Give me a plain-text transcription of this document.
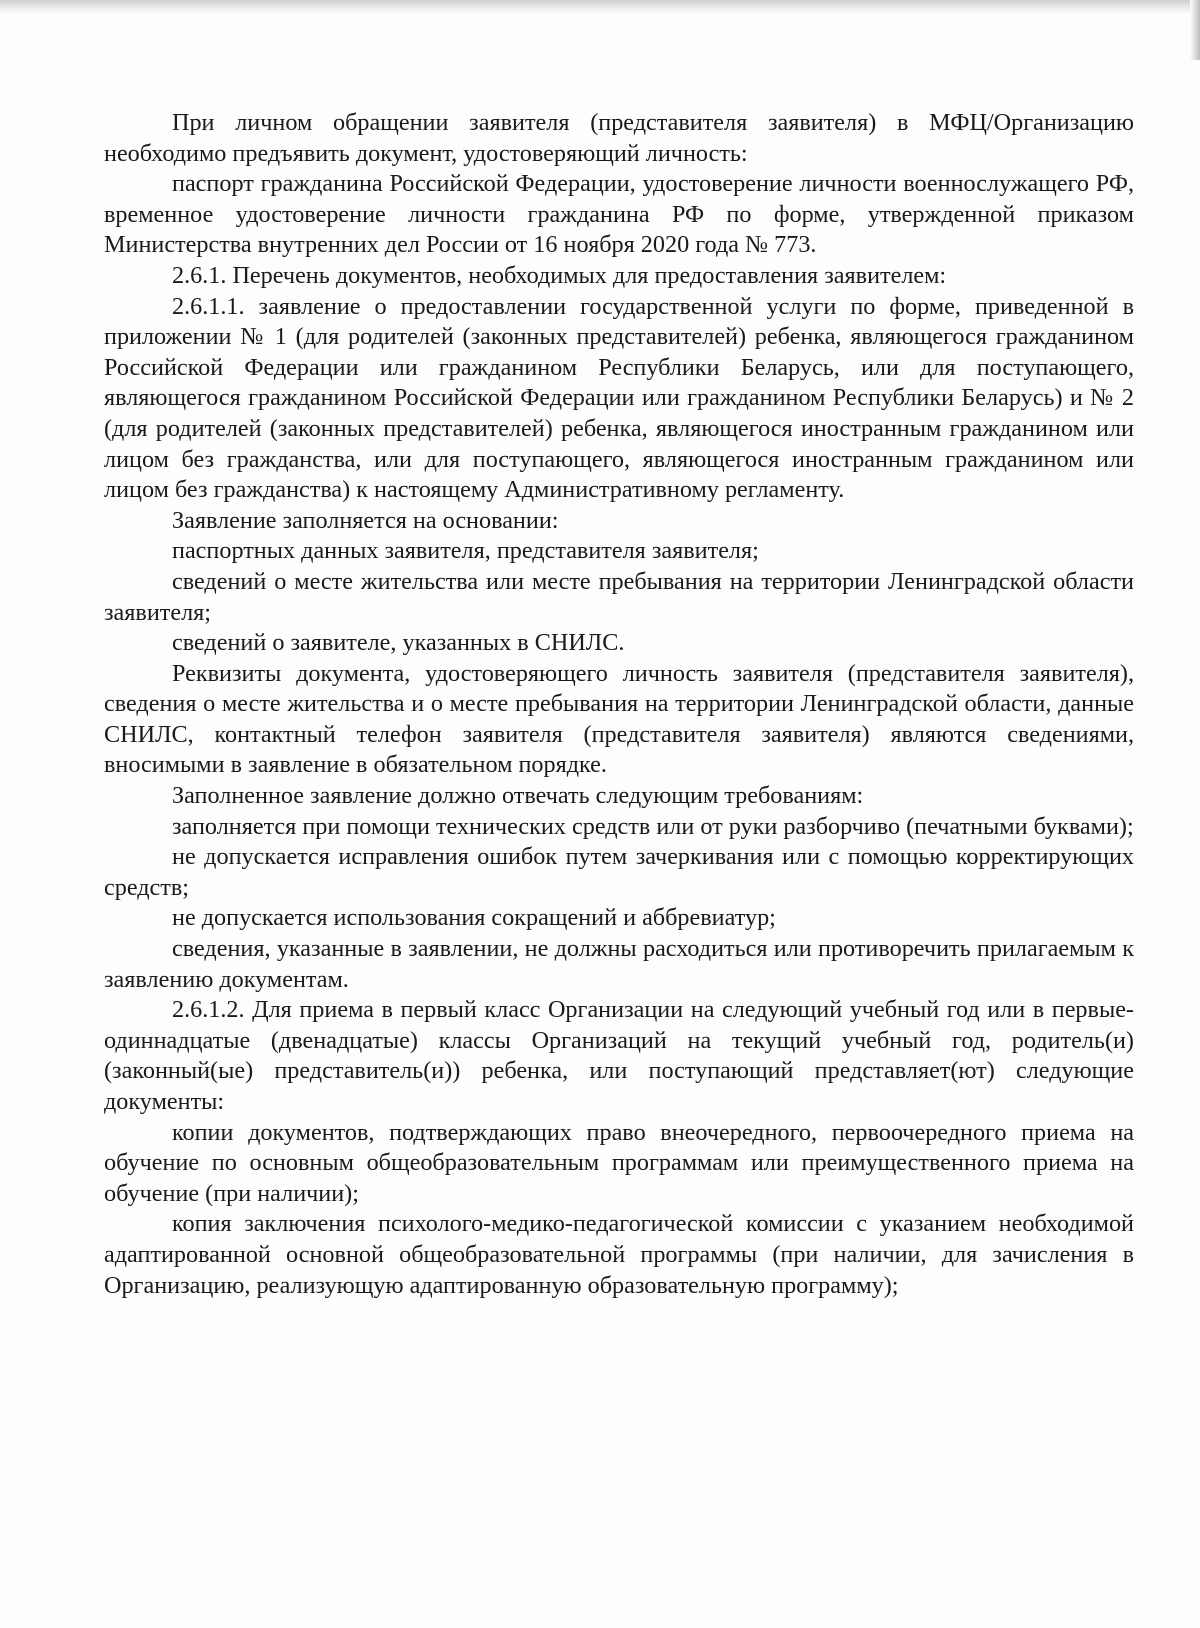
При личном обращении заявителя (представителя заявителя) в МФЦ/Организацию необходимо предъявить документ, удостоверяющий личность:

паспорт гражданина Российской Федерации, удостоверение личности военнослужащего РФ, временное удостоверение личности гражданина РФ по форме, утвержденной приказом Министерства внутренних дел России от 16 ноября 2020 года № 773.

2.6.1. Перечень документов, необходимых для предоставления заявителем:

2.6.1.1. заявление о предоставлении государственной услуги по форме, приведенной в приложении № 1 (для родителей (законных представителей) ребенка, являющегося гражданином Российской Федерации или гражданином Республики Беларусь, или для поступающего, являющегося гражданином Российской Федерации или гражданином Республики Беларусь) и № 2 (для родителей (законных представителей) ребенка, являющегося иностранным гражданином или лицом без гражданства, или для поступающего, являющегося иностранным гражданином или лицом без гражданства) к настоящему Административному регламенту.

Заявление заполняется на основании:

паспортных данных заявителя, представителя заявителя;

сведений о месте жительства или месте пребывания на территории Ленинградской области заявителя;

сведений о заявителе, указанных в СНИЛС.

Реквизиты документа, удостоверяющего личность заявителя (представителя заявителя), сведения о месте жительства и о месте пребывания на территории Ленинградской области, данные СНИЛС, контактный телефон заявителя (представителя заявителя) являются сведениями, вносимыми в заявление в обязательном порядке.

Заполненное заявление должно отвечать следующим требованиям:

заполняется при помощи технических средств или от руки разборчиво (печатными буквами);

не допускается исправления ошибок путем зачеркивания или с помощью корректирующих средств;

не допускается использования сокращений и аббревиатур;

сведения, указанные в заявлении, не должны расходиться или противоречить прилагаемым к заявлению документам.

2.6.1.2. Для приема в первый класс Организации на следующий учебный год или в первые-одиннадцатые (двенадцатые) классы Организаций на текущий учебный год, родитель(и) (законный(ые) представитель(и)) ребенка, или поступающий представляет(ют) следующие документы:

копии документов, подтверждающих право внеочередного, первоочередного приема на обучение по основным общеобразовательным программам или преимущественного приема на обучение (при наличии);

копия заключения психолого-медико-педагогической комиссии с указанием необходимой адаптированной основной общеобразовательной программы (при наличии, для зачисления в Организацию, реализующую адаптированную образовательную программу);
